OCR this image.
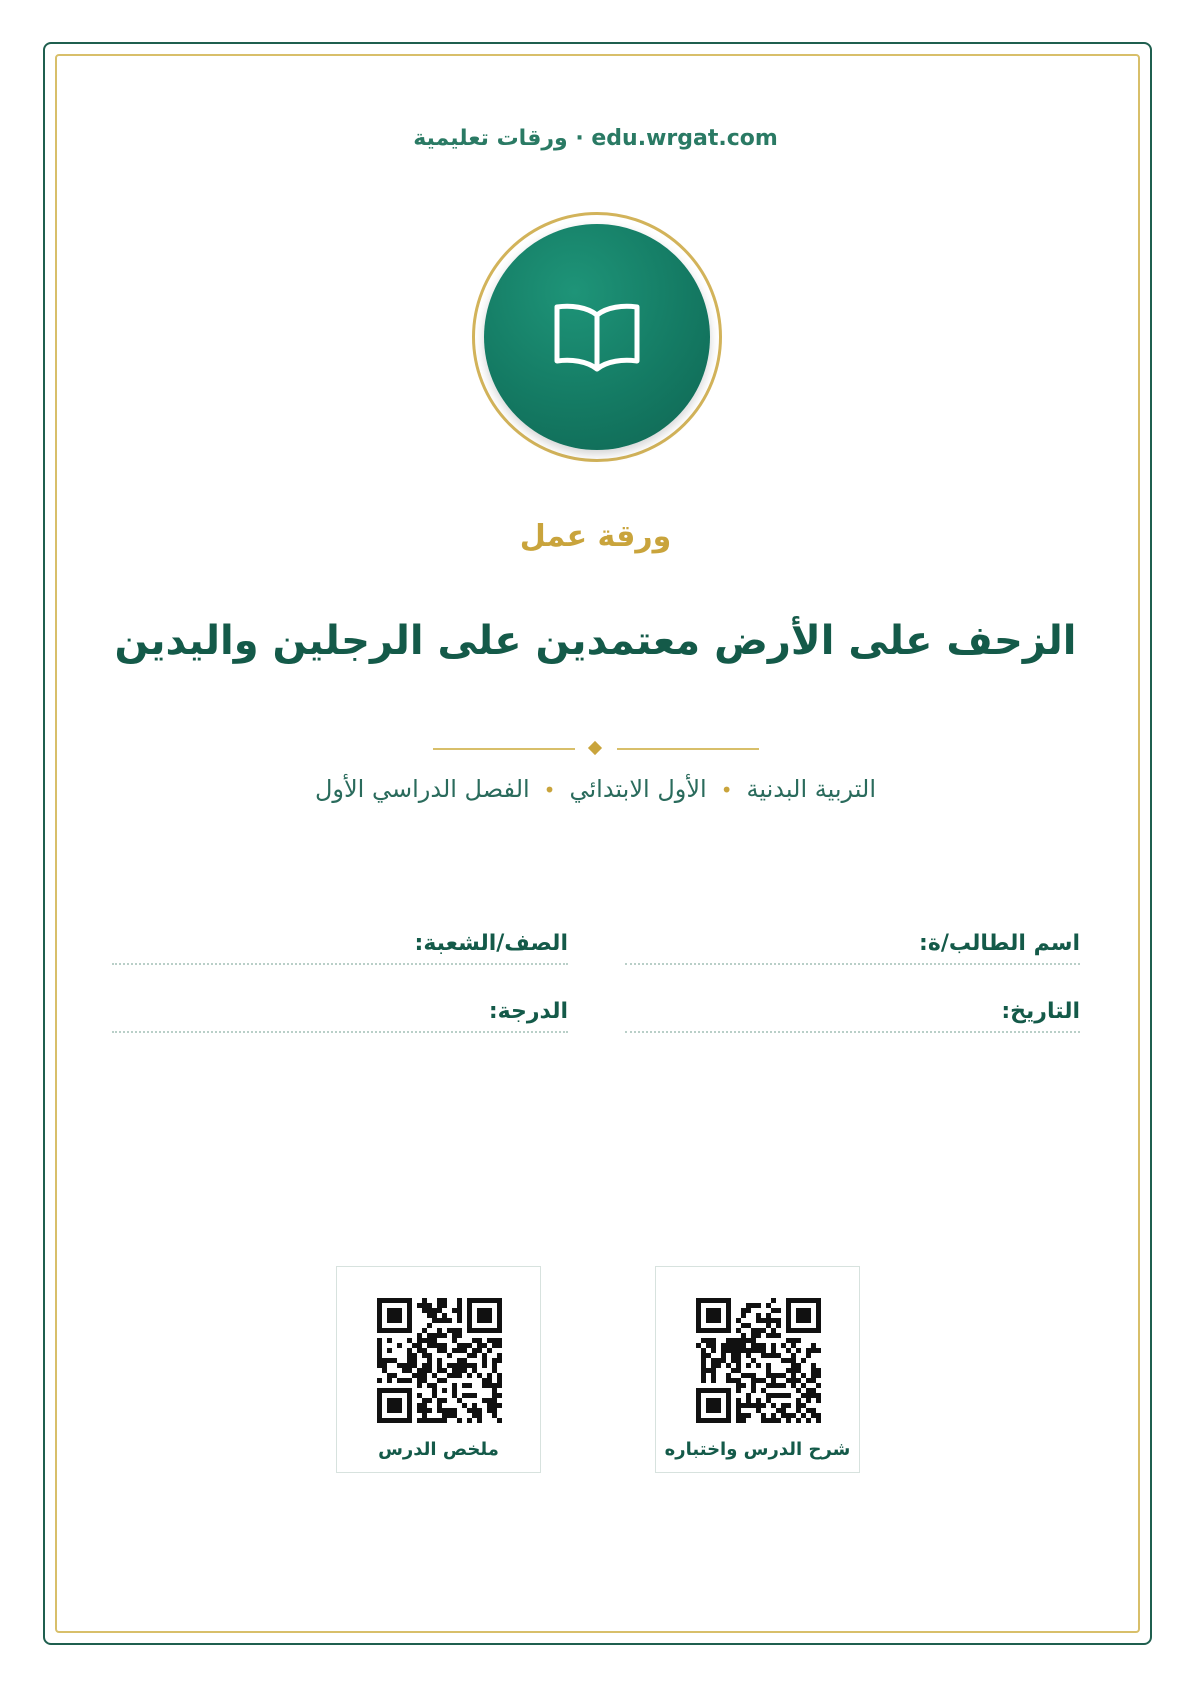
edu.wrgat.com · ورقات تعليمية
ورقة عمل
الزحف على الأرض معتمدين على الرجلين واليدين
التربية البدنية•الأول الابتدائي•الفصل الدراسي الأول
اسم الطالب/ة:
الصف/الشعبة:
التاريخ:
الدرجة:
شرح الدرس واختباره
ملخص الدرس
